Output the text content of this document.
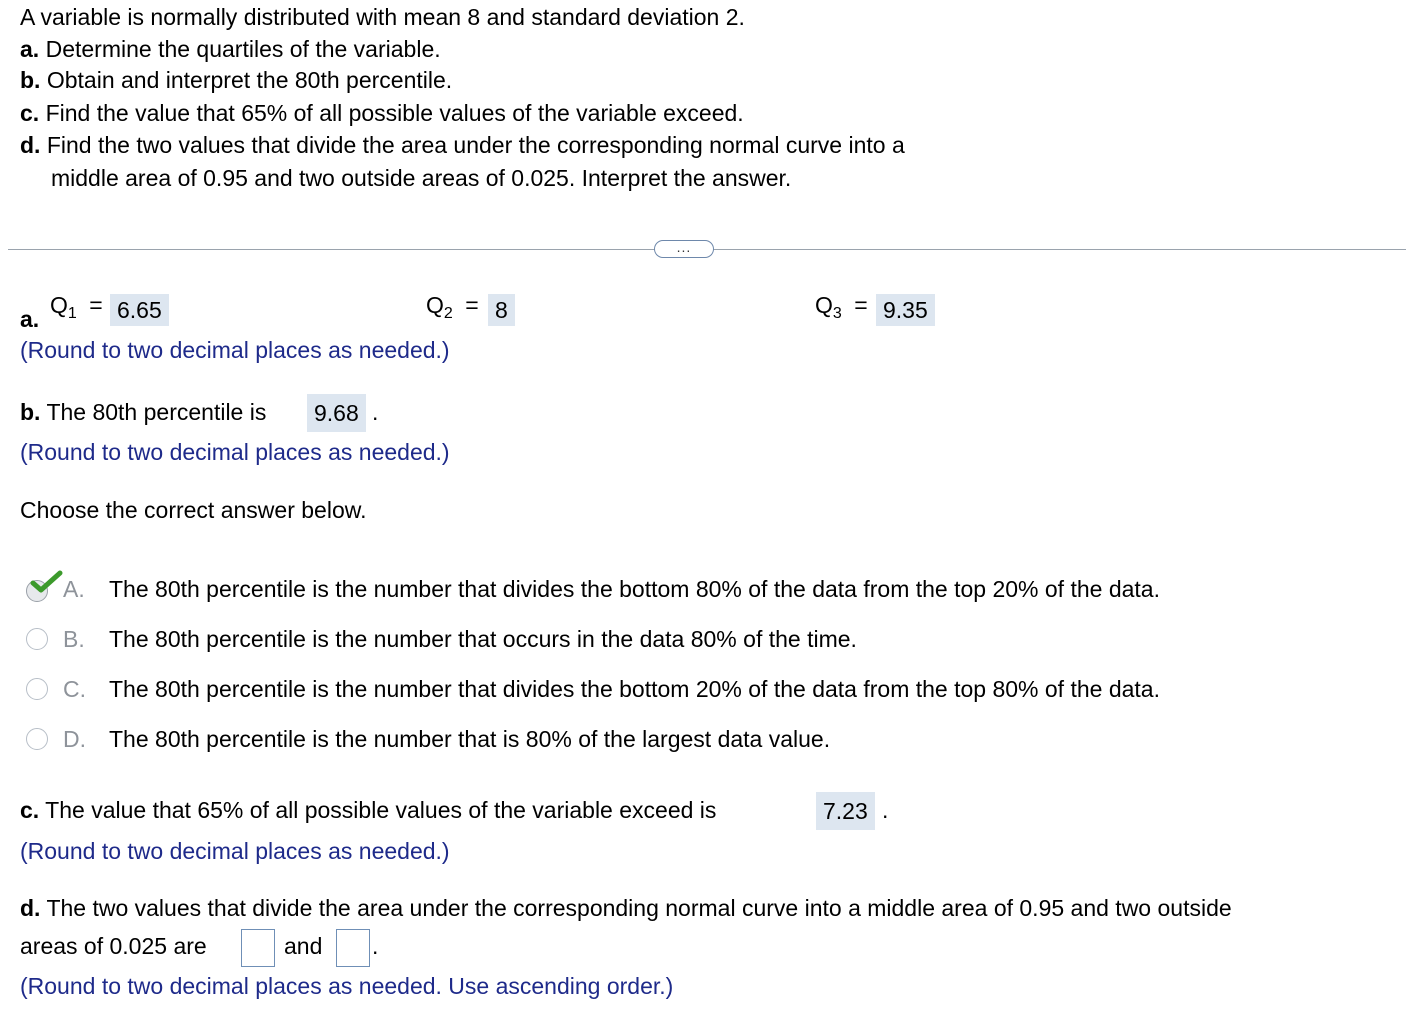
A variable is normally distributed with mean 8 and standard deviation 2.
a. Determine the quartiles of the variable.
b. Obtain and interpret the 80th percentile.
c. Find the value that 65% of all possible values of the variable exceed.
d. Find the two values that divide the area under the corresponding normal curve into a
middle area of 0.95 and two outside areas of 0.025. Interpret the answer.
...
a.
$Q_1 = 6.65$	$Q_2 = 8$	$Q_3 = 9.35$
(Round to two decimal places as needed.)
b. The 80th percentile is	9.68 .
(Round to two decimal places as needed.)
Choose the correct answer below.
A. The 80th percentile is the number that divides the bottom 80% of the data from the top 20% of the data.
B. The 80th percentile is the number that occurs in the data 80% of the time.
C. The 80th percentile is the number that divides the bottom 20% of the data from the top 80% of the data.
D. The 80th percentile is the number that is 80% of the largest data value.
c. The value that 65% of all possible values of the variable exceed is	7.23 .
(Round to two decimal places as needed.)
d. The two values that divide the area under the corresponding normal curve into a middle area of 0.95 and two outside
areas of 0.025 are	and .
(Round to two decimal places as needed. Use ascending order.)
